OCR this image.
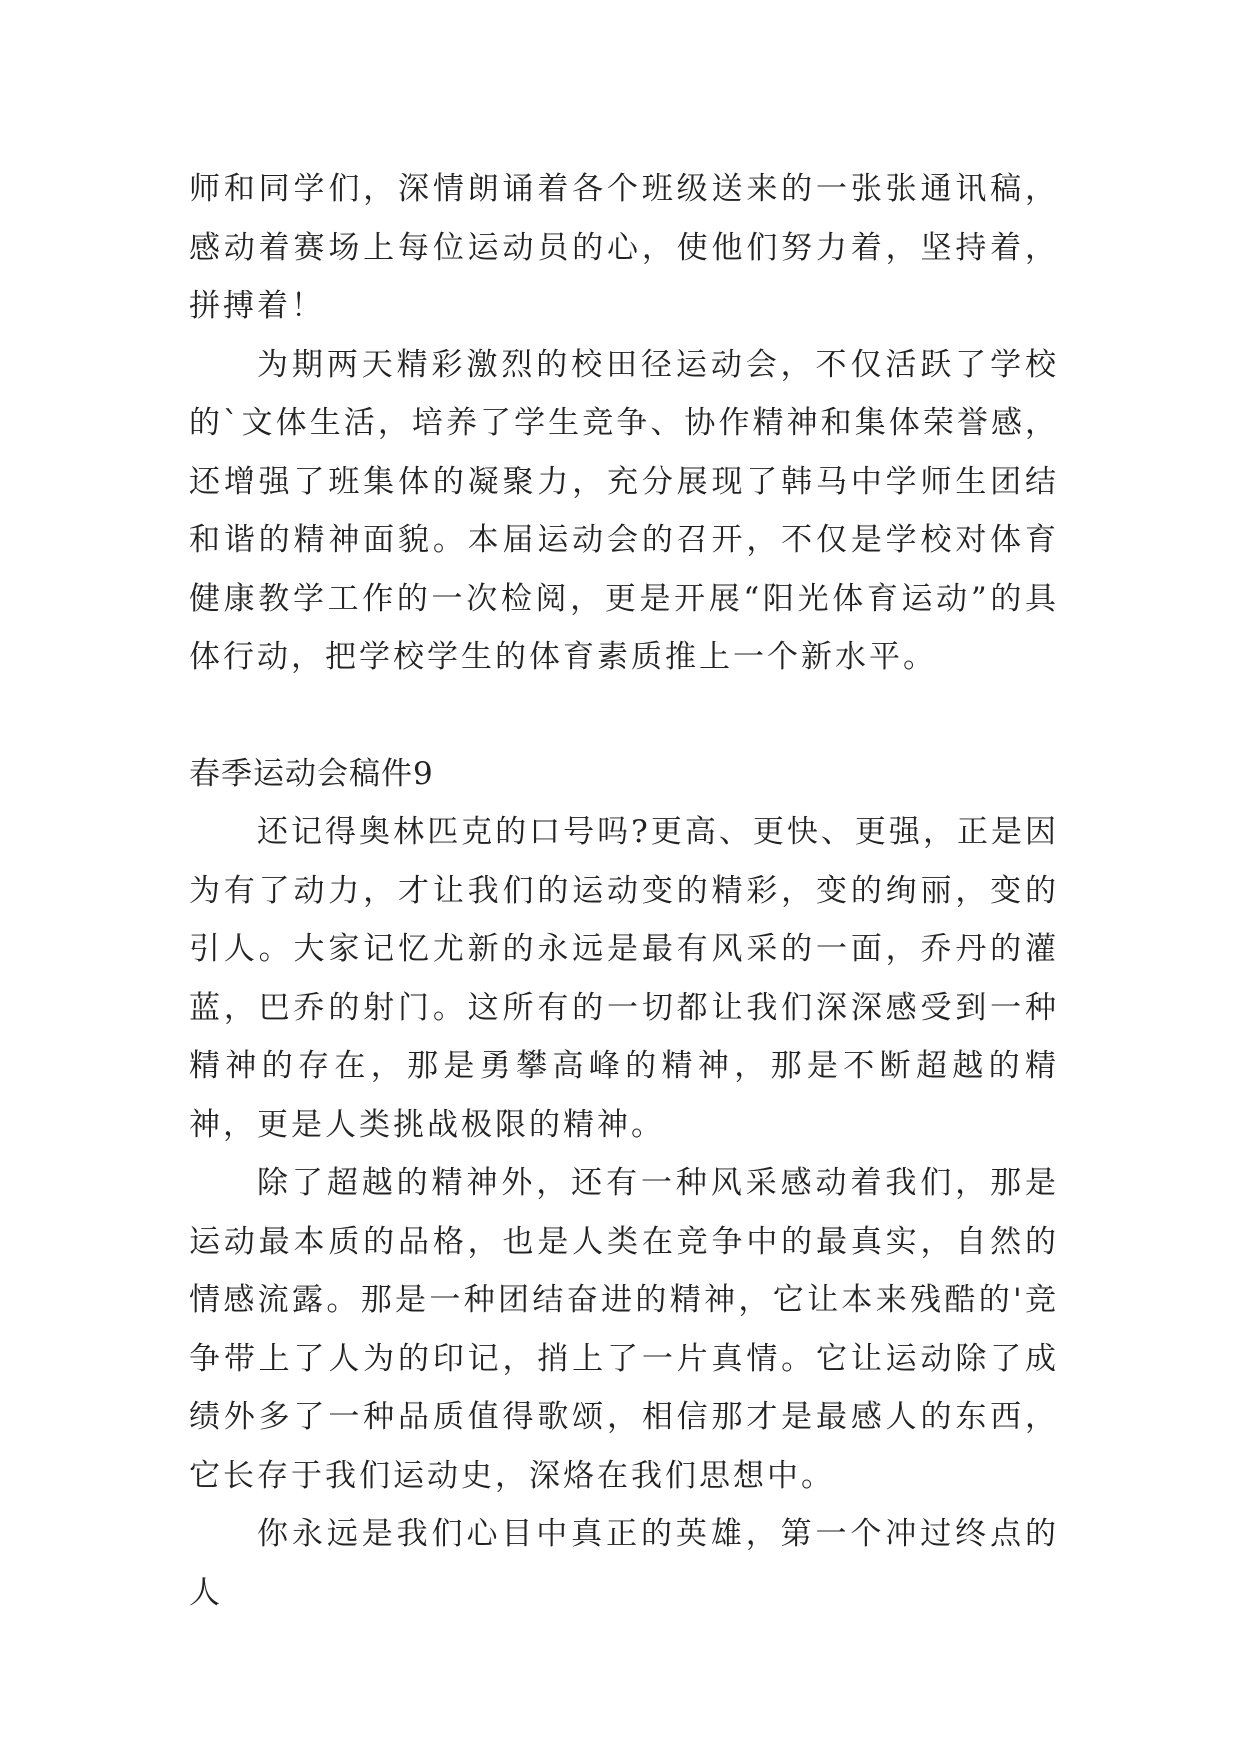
师和同学们，深情朗诵着各个班级送来的一张张通讯稿，感动着赛场上每位运动员的心，使他们努力着，坚持着，拼搏着！

为期两天精彩激烈的校田径运动会，不仅活跃了学校的`文体生活，培养了学生竞争、协作精神和集体荣誉感，还增强了班集体的凝聚力，充分展现了韩马中学师生团结和谐的精神面貌。本届运动会的召开，不仅是学校对体育健康教学工作的一次检阅，更是开展“阳光体育运动”的具体行动，把学校学生的体育素质推上一个新水平。

春季运动会稿件9

还记得奥林匹克的口号吗?更高、更快、更强，正是因为有了动力，才让我们的运动变的精彩，变的绚丽，变的引人。大家记忆尤新的永远是最有风采的一面，乔丹的灌蓝，巴乔的射门。这所有的一切都让我们深深感受到一种精神的存在，那是勇攀高峰的精神，那是不断超越的精神，更是人类挑战极限的精神。

除了超越的精神外，还有一种风采感动着我们，那是运动最本质的品格，也是人类在竞争中的最真实，自然的情感流露。那是一种团结奋进的精神，它让本来残酷的'竞争带上了人为的印记，捎上了一片真情。它让运动除了成绩外多了一种品质值得歌颂，相信那才是最感人的东西，它长存于我们运动史，深烙在我们思想中。

你永远是我们心目中真正的英雄，第一个冲过终点的人
